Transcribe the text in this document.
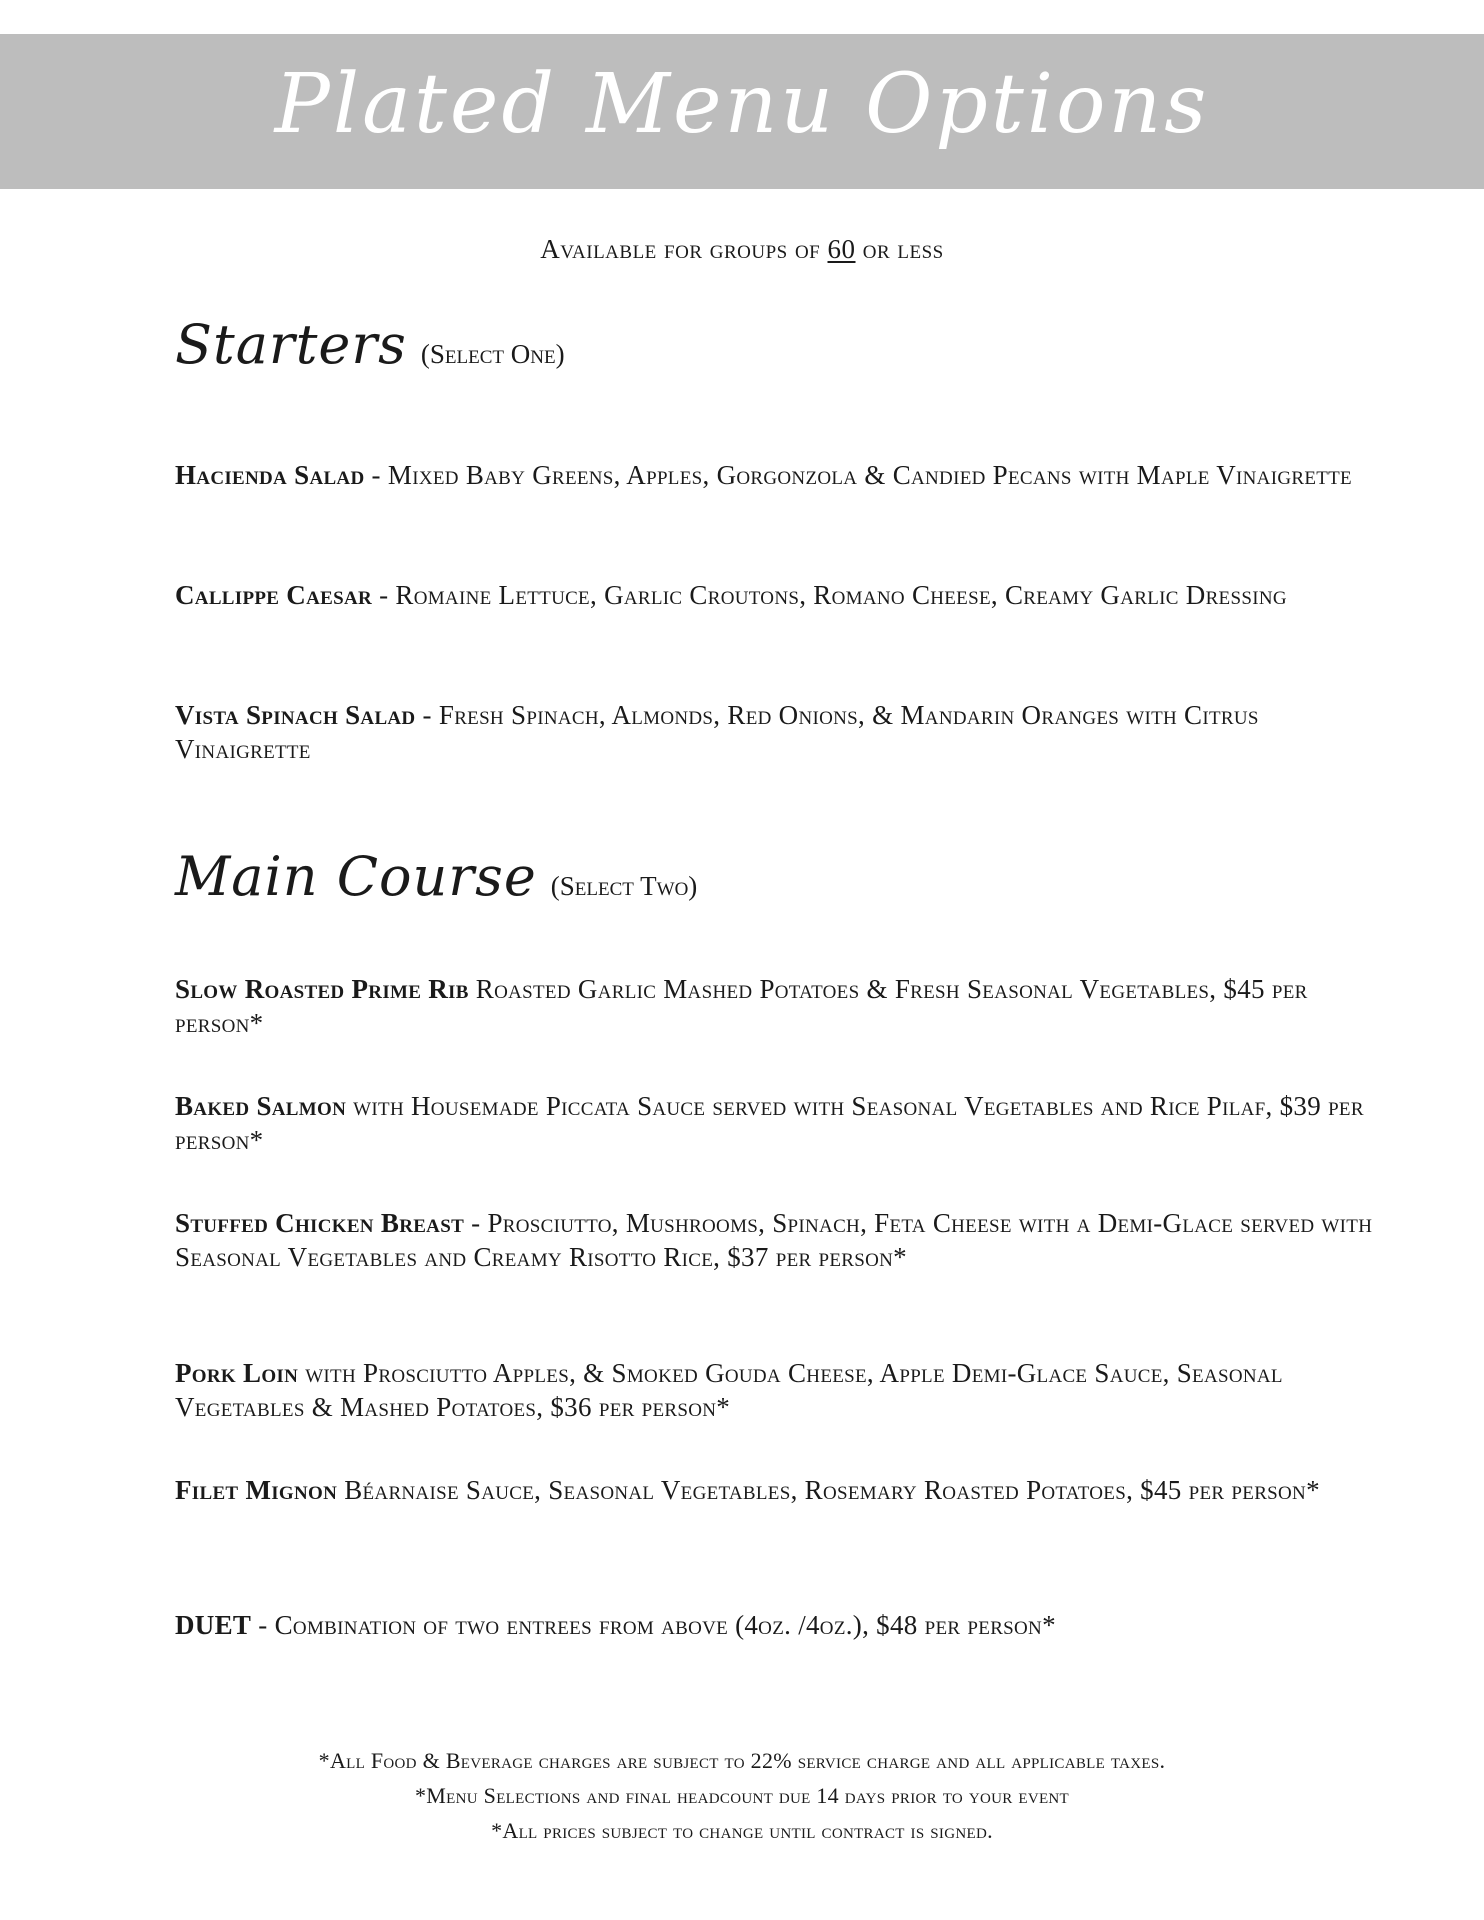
Plated Menu Options
Available for groups of 60 or less
Starters (Select One)
Hacienda Salad - Mixed Baby Greens, Apples, Gorgonzola & Candied Pecans with Maple Vinaigrette
Callippe Caesar - Romaine Lettuce, Garlic Croutons, Romano Cheese, Creamy Garlic Dressing
Vista Spinach Salad - Fresh Spinach, Almonds, Red Onions, & Mandarin Oranges with Citrus Vinaigrette
Main Course (Select Two)
Slow Roasted Prime Rib Roasted Garlic Mashed Potatoes & Fresh Seasonal Vegetables, $45 per person*
Baked Salmon with Housemade Piccata Sauce served with Seasonal Vegetables and Rice Pilaf, $39 per person*
Stuffed Chicken Breast - Prosciutto, Mushrooms, Spinach, Feta Cheese with a Demi-Glace served with Seasonal Vegetables and Creamy Risotto Rice, $37 per person*
Pork Loin with Prosciutto Apples, & Smoked Gouda Cheese, Apple Demi-Glace Sauce, Seasonal Vegetables & Mashed Potatoes, $36 per person*
Filet Mignon Béarnaise Sauce, Seasonal Vegetables, Rosemary Roasted Potatoes, $45 per person*
DUET - Combination of two entrees from above (4oz. /4oz.), $48 per person*
*All Food & Beverage charges are subject to 22% service charge and all applicable taxes.
*Menu Selections and final headcount due 14 days prior to your event
*All prices subject to change until contract is signed.
